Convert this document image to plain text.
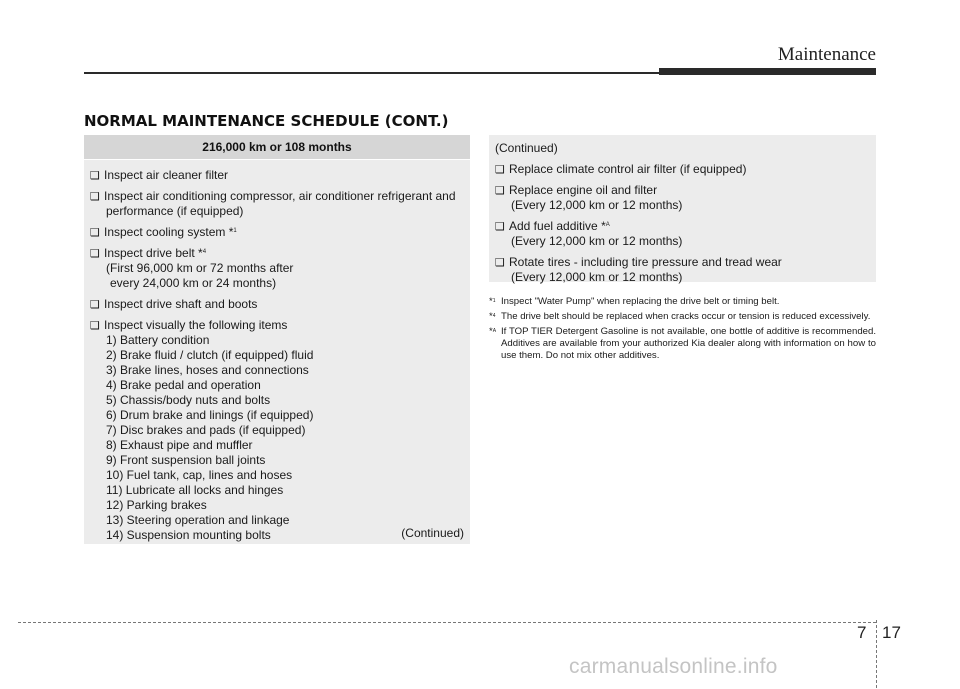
Maintenance
NORMAL MAINTENANCE SCHEDULE (CONT.)
216,000 km or 108 months
❑ Inspect air cleaner filter
❑ Inspect air conditioning compressor, air conditioner refrigerant and
performance (if equipped)
❑ Inspect cooling system *$^1$
❑ Inspect drive belt *$^4$
(First 96,000 km or 72 months after
every 24,000 km or 24 months)
❑ Inspect drive shaft and boots
❑ Inspect visually the following items
1) Battery condition
2) Brake fluid / clutch (if equipped) fluid
3) Brake lines, hoses and connections
4) Brake pedal and operation
5) Chassis/body nuts and bolts
6) Drum brake and linings (if equipped)
7) Disc brakes and pads (if equipped)
8) Exhaust pipe and muffler
9) Front suspension ball joints
10) Fuel tank, cap, lines and hoses
11) Lubricate all locks and hinges
12) Parking brakes
13) Steering operation and linkage
14) Suspension mounting bolts	(Continued)
(Continued)
❑ Replace climate control air filter (if equipped)
❑ Replace engine oil and filter
(Every 12,000 km or 12 months)
❑ Add fuel additive *$^A$
(Every 12,000 km or 12 months)
❑ Rotate tires - including tire pressure and tread wear
(Every 12,000 km or 12 months)
*$^1$ Inspect "Water Pump" when replacing the drive belt or timing belt.
*$^4$ The drive belt should be replaced when cracks occur or tension is reduced excessively.
*$^A$ If TOP TIER Detergent Gasoline is not available, one bottle of additive is recommended. Additives are available from your authorized Kia dealer along with information on how to use them. Do not mix other additives.
7 17
carmanualsonline.info
